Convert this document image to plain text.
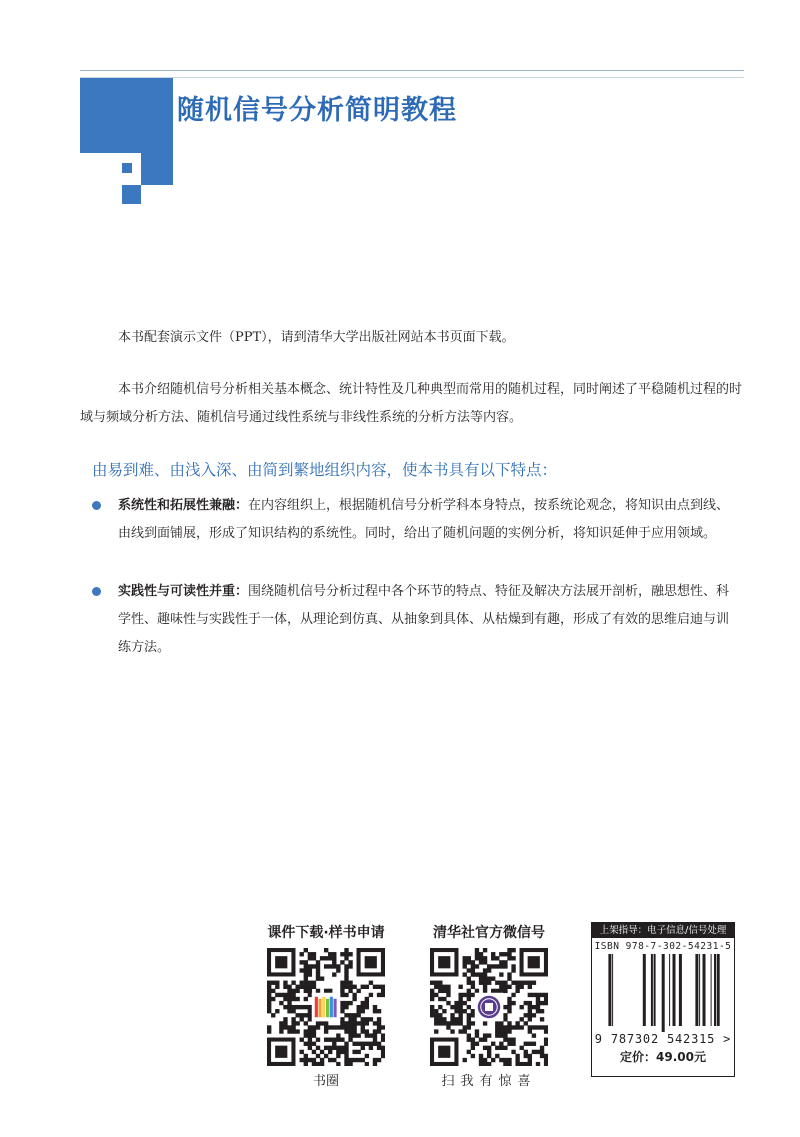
随机信号分析简明教程

本书配套演示文件（PPT），请到清华大学出版社网站本书页面下载。

本书介绍随机信号分析相关基本概念、统计特性及几种典型而常用的随机过程，同时阐述了平稳随机过程的时域与频域分析方法、随机信号通过线性系统与非线性系统的分析方法等内容。

由易到难、由浅入深、由简到繁地组织内容，使本书具有以下特点：

系统性和拓展性兼融：在内容组织上，根据随机信号分析学科本身特点，按系统论观念，将知识由点到线、由线到面铺展，形成了知识结构的系统性。同时，给出了随机问题的实例分析，将知识延伸于应用领域。

实践性与可读性并重：围绕随机信号分析过程中各个环节的特点、特征及解决方法展开剖析，融思想性、科学性、趣味性与实践性于一体，从理论到仿真、从抽象到具体、从枯燥到有趣，形成了有效的思维启迪与训练方法。

课件下载·样书申请

书圈

清华社官方微信号

扫我有惊喜

上架指导：电子信息/信号处理

ISBN 978-7-302-54231-5

9 787302 542315 >

定价：49.00元
